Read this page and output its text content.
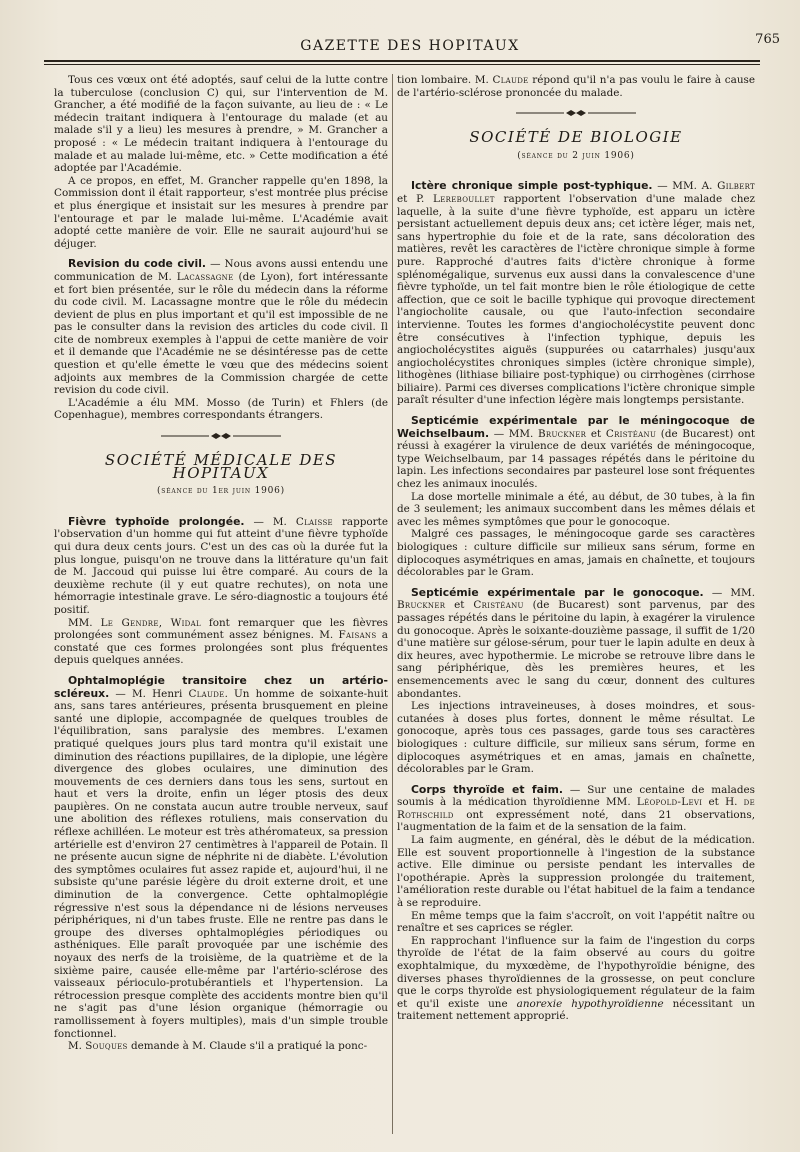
GAZETTE DES HOPITAUX	765

Tous ces vœux ont été adoptés, sauf celui de la lutte contre la tuberculose (conclusion C) qui, sur l'intervention de M. Grancher, a été modifié de la façon suivante, au lieu de : « Le médecin traitant indiquera à l'entourage du malade (et au malade s'il y a lieu) les mesures à prendre, » M. Grancher a proposé : « Le médecin traitant indiquera à l'entourage du malade et au malade lui-même, etc. » Cette modification a été adoptée par l'Académie.

A ce propos, en effet, M. Grancher rappelle qu'en 1898, la Commission dont il était rapporteur, s'est montrée plus précise et plus énergique et insistait sur les mesures à prendre par l'entourage et par le malade lui-même. L'Académie avait adopté cette manière de voir. Elle ne saurait aujourd'hui se déjuger.

Revision du code civil. — Nous avons aussi entendu une communication de M. Lacassagne (de Lyon), fort intéressante et fort bien présentée, sur le rôle du médecin dans la réforme du code civil. M. Lacassagne montre que le rôle du médecin devient de plus en plus important et qu'il est impossible de ne pas le consulter dans la revision des articles du code civil. Il cite de nombreux exemples à l'appui de cette manière de voir et il demande que l'Académie ne se désintéresse pas de cette question et qu'elle émette le vœu que des médecins soient adjoints aux membres de la Commission chargée de cette revision du code civil.

L'Académie a élu MM. Mosso (de Turin) et Fhlers (de Copenhague), membres correspondants étrangers.

SOCIÉTÉ MÉDICALE DES HOPITAUX
(séance du 1er juin 1906)

Fièvre typhoïde prolongée. — M. Claisse rapporte l'observation d'un homme qui fut atteint d'une fièvre typhoïde qui dura deux cents jours. C'est un des cas où la durée fut la plus longue, puisqu'on ne trouve dans la littérature qu'un fait de M. Jaccoud qui puisse lui être comparé. Au cours de la deuxième rechute (il y eut quatre rechutes), on nota une hémorragie intestinale grave. Le séro-diagnostic a toujours été positif.

MM. Le Gendre, Widal font remarquer que les fièvres prolongées sont communément assez bénignes. M. Faisans a constaté que ces formes prolongées sont plus fréquentes depuis quelques années.

Ophtalmoplégie transitoire chez un artério-scléreux. — M. Henri Claude. Un homme de soixante-huit ans, sans tares antérieures, présenta brusquement en pleine santé une diplopie, accompagnée de quelques troubles de l'équilibration, sans paralysie des membres. L'examen pratiqué quelques jours plus tard montra qu'il existait une diminution des réactions pupillaires, de la diplopie, une légère divergence des globes oculaires, une diminution des mouvements de ces derniers dans tous les sens, surtout en haut et vers la droite, enfin un léger ptosis des deux paupières. On ne constata aucun autre trouble nerveux, sauf une abolition des réflexes rotuliens, mais conservation du réflexe achilléen. Le moteur est très athéromateux, sa pression artérielle est d'environ 27 centimètres à l'appareil de Potain. Il ne présente aucun signe de néphrite ni de diabète. L'évolution des symptômes oculaires fut assez rapide et, aujourd'hui, il ne subsiste qu'une parésie légère du droit externe droit, et une diminution de la convergence. Cette ophtalmoplégie régressive n'est sous la dépendance ni de lésions nerveuses périphériques, ni d'un tabes fruste. Elle ne rentre pas dans le groupe des diverses ophtalmoplégies périodiques ou asthéniques. Elle paraît provoquée par une ischémie des noyaux des nerfs de la troisième, de la quatrième et de la sixième paire, causée elle-même par l'artério-sclérose des vaisseaux périoculo-protubérantiels et l'hypertension. La rétrocession presque complète des accidents montre bien qu'il ne s'agit pas d'une lésion organique (hémorragie ou ramollissement à foyers multiples), mais d'un simple trouble fonctionnel.

M. Souques demande à M. Claude s'il a pratiqué la ponc-

tion lombaire. M. Claude répond qu'il n'a pas voulu le faire à cause de l'artério-sclérose prononcée du malade.

SOCIÉTÉ DE BIOLOGIE
(séance du 2 juin 1906)

Ictère chronique simple post-typhique. — MM. A. Gilbert et P. Lereboullet rapportent l'observation d'une malade chez laquelle, à la suite d'une fièvre typhoïde, est apparu un ictère persistant actuellement depuis deux ans; cet ictère léger, mais net, sans hypertrophie du foie et de la rate, sans décoloration des matières, revêt les caractères de l'ictère chronique simple à forme pure. Rapproché d'autres faits d'ictère chronique à forme splénomégalique, survenus eux aussi dans la convalescence d'une fièvre typhoïde, un tel fait montre bien le rôle étiologique de cette affection, que ce soit le bacille typhique qui provoque directement l'angiocholite causale, ou que l'auto-infection secondaire intervienne. Toutes les formes d'angiocholécystite peuvent donc être consécutives à l'infection typhique, depuis les angiocholécystites aiguës (suppurées ou catarrhales) jusqu'aux angiocholécystites chroniques simples (ictère chronique simple), lithogènes (lithiase biliaire post-typhique) ou cirrhogènes (cirrhose biliaire). Parmi ces diverses complications l'ictère chronique simple paraît résulter d'une infection légère mais longtemps persistante.

Septicémie expérimentale par le méningocoque de Weichselbaum. — MM. Bruckner et Cristéanu (de Bucarest) ont réussi à exagérer la virulence de deux variétés de méningocoque, type Weichselbaum, par 14 passages répétés dans le péritoine du lapin. Les infections secondaires par pasteurel lose sont fréquentes chez les animaux inoculés.

La dose mortelle minimale a été, au début, de 30 tubes, à la fin de 3 seulement; les animaux succombent dans les mêmes délais et avec les mêmes symptômes que pour le gonocoque.

Malgré ces passages, le méningocoque garde ses caractères biologiques : culture difficile sur milieux sans sérum, forme en diplocoques asymétriques en amas, jamais en chaînette, et toujours décolorables par le Gram.

Septicémie expérimentale par le gonocoque. — MM. Bruckner et Cristéanu (de Bucarest) sont parvenus, par des passages répétés dans le péritoine du lapin, à exagérer la virulence du gonocoque. Après le soixante-douzième passage, il suffit de 1/20 d'une matière sur gélose-sérum, pour tuer le lapin adulte en deux à dix heures, avec hypothermie. Le microbe se retrouve libre dans le sang périphérique, dès les premières heures, et les ensemencements avec le sang du cœur, donnent des cultures abondantes.

Les injections intraveineuses, à doses moindres, et sous-cutanées à doses plus fortes, donnent le même résultat. Le gonocoque, après tous ces passages, garde tous ses caractères biologiques : culture difficile, sur milieux sans sérum, forme en diplocoques asymétriques et en amas, jamais en chaînette, décolorables par le Gram.

Corps thyroïde et faim. — Sur une centaine de malades soumis à la médication thyroïdienne MM. Léopold-Levi et H. de Rothschild ont expressément noté, dans 21 observations, l'augmentation de la faim et de la sensation de la faim.

La faim augmente, en général, dès le début de la médication. Elle est souvent proportionnelle à l'ingestion de la substance active. Elle diminue ou persiste pendant les intervalles de l'opothérapie. Après la suppression prolongée du traitement, l'amélioration reste durable ou l'état habituel de la faim a tendance à se reproduire.

En même temps que la faim s'accroît, on voit l'appétit naître ou renaître et ses caprices se régler.

En rapprochant l'influence sur la faim de l'ingestion du corps thyroïde de l'état de la faim observé au cours du goitre exophtalmique, du myxœdème, de l'hypothyroïdie bénigne, des diverses phases thyroïdiennes de la grossesse, on peut conclure que le corps thyroïde est physiologiquement régulateur de la faim et qu'il existe une anorexie hypothyroïdienne nécessitant un traitement nettement approprié.
